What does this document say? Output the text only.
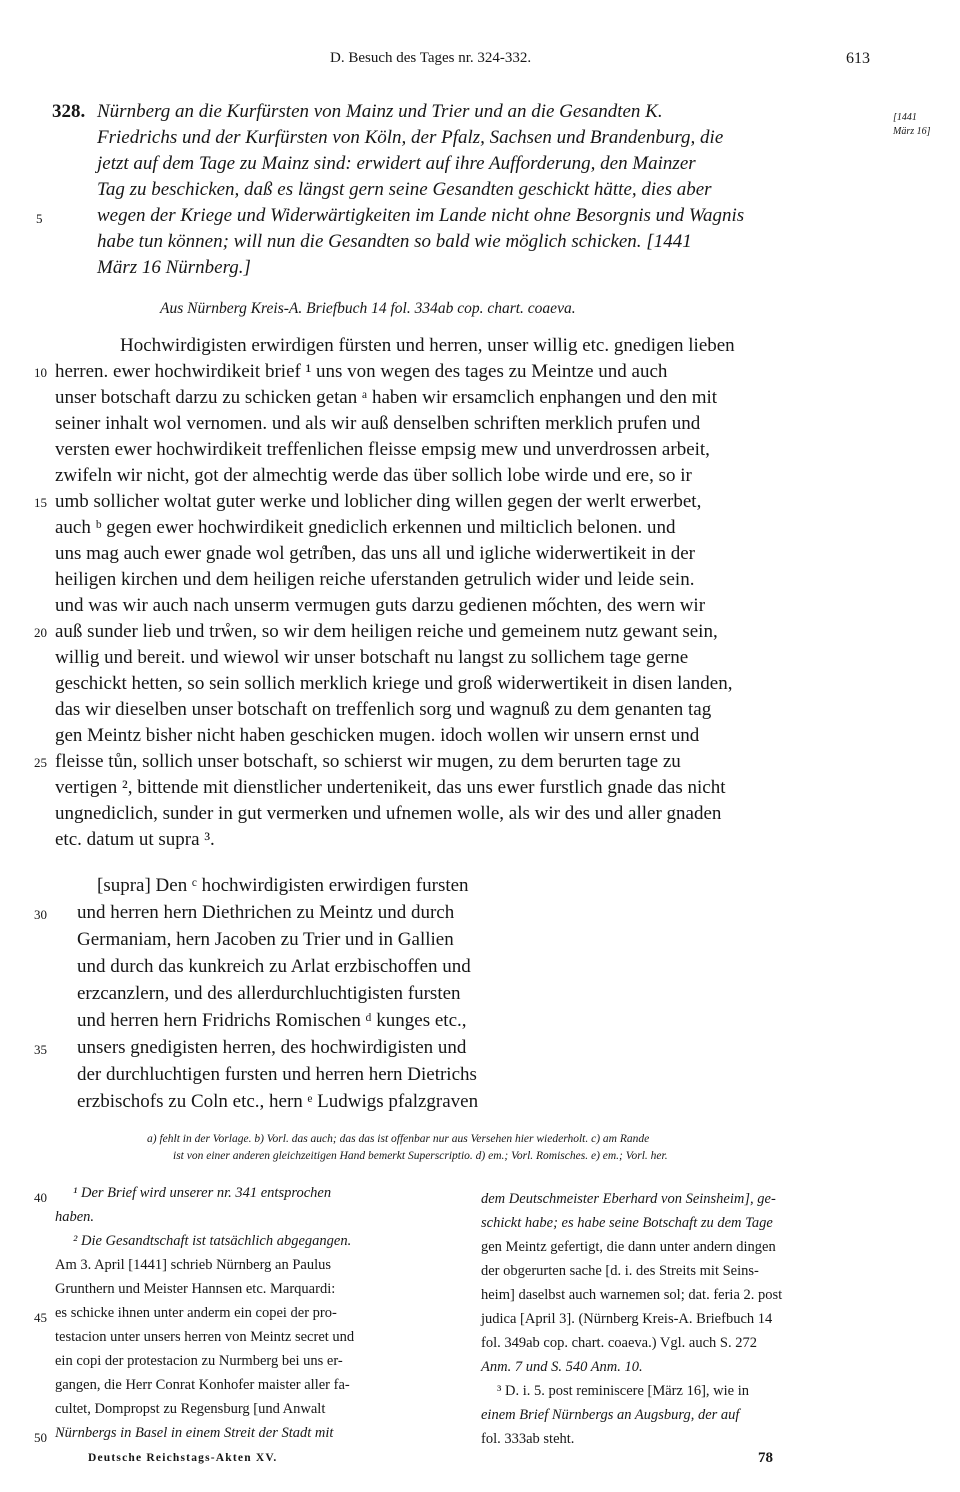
D. Besuch des Tages nr. 324-332.	613
328. Nürnberg an die Kurfürsten von Mainz und Trier und an die Gesandten K.
Friedrichs und der Kurfürsten von Köln, der Pfalz, Sachsen und Brandenburg, die
jetzt auf dem Tage zu Mainz sind: erwidert auf ihre Aufforderung, den Mainzer
Tag zu beschicken, daß es längst gern seine Gesandten geschickt hätte, dies aber
wegen der Kriege und Widerwärtigkeiten im Lande nicht ohne Besorgnis und Wagnis
habe tun können; will nun die Gesandten so bald wie möglich schicken. [1441
März 16 Nürnberg.]
[1441
März 16]
Aus Nürnberg Kreis-A. Briefbuch 14 fol. 334ab cop. chart. coaeva.
Hochwirdigisten erwirdigen fürsten und herren, unser willig etc. gnedigen lieben
herren. ewer hochwirdikeit brief ¹ uns von wegen des tages zu Meintze und auch
unser botschaft darzu zu schicken getan ᵃ haben wir ersamclich enphangen und den mit
seiner inhalt wol vernomen. und als wir auß denselben schriften merklich prufen und
versten ewer hochwirdikeit treffenlichen fleisse empsig mew und unverdrossen arbeit,
zwifeln wir nicht, got der almechtig werde das über sollich lobe wirde und ere, so ir
umb sollicher woltat guter werke und loblicher ding willen gegen der werlt erwerbet,
auch ᵇ gegen ewer hochwirdikeit gnediclich erkennen und milticlich belonen. und
uns mag auch ewer gnade wol getrı̊ben, das uns all und igliche widerwertikeit in der
heiligen kirchen und dem heiligen reiche uferstanden getrulich wider und leide sein.
und was wir auch nach unserm vermugen guts darzu gedienen mőchten, des wern wir
auß sunder lieb und trẘen, so wir dem heiligen reiche und gemeinem nutz gewant sein,
willig und bereit. und wiewol wir unser botschaft nu langst zu sollichem tage gerne
geschickt hetten, so sein sollich merklich kriege und groß widerwertikeit in disen landen,
das wir dieselben unser botschaft on treffenlich sorg und wagnuß zu dem genanten tag
gen Meintz bisher nicht haben geschicken mugen. idoch wollen wir unsern ernst und
fleisse tůn, sollich unser botschaft, so schierst wir mugen, zu dem berurten tage zu
vertigen ², bittende mit dienstlicher undertenikeit, das uns ewer furstlich gnade das nicht
ungnediclich, sunder in gut vermerken und ufnemen wolle, als wir des und aller gnaden
etc. datum ut supra ³.
[supra] Den ᶜ hochwirdigisten erwirdigen fursten
und herren hern Diethrichen zu Meintz und durch
Germaniam, hern Jacoben zu Trier und in Gallien
und durch das kunkreich zu Arlat erzbischoffen und
erzcanzlern, und des allerdurchluchtigisten fursten
und herren hern Fridrichs Romischen ᵈ kunges etc.,
unsers gnedigisten herren, des hochwirdigisten und
der durchluchtigen fursten und herren hern Dietrichs
erzbischofs zu Coln etc., hern ᵉ Ludwigs pfalzgraven
a) fehlt in der Vorlage. b) Vorl. das auch; das das ist offenbar nur aus Versehen hier wiederholt. c) am Rande
ist von einer anderen gleichzeitigen Hand bemerkt Superscriptio. d) em.; Vorl. Romisches. e) em.; Vorl. her.
¹ Der Brief wird unserer nr. 341 entsprochen
haben.
² Die Gesandtschaft ist tatsächlich abgegangen.
Am 3. April [1441] schrieb Nürnberg an Paulus
Grunthern und Meister Hannsen etc. Marquardi:
es schicke ihnen unter anderm ein copei der pro-
testacion unter unsers herren von Meintz secret und
ein copi der protestacion zu Nurmberg bei uns er-
gangen, die Herr Conrat Konhofer maister aller fa-
cultet, Dompropst zu Regensburg [und Anwalt
Nürnbergs in Basel in einem Streit der Stadt mit
dem Deutschmeister Eberhard von Seinsheim], ge-
schickt habe; es habe seine Botschaft zu dem Tage
gen Meintz gefertigt, die dann unter andern dingen
der obgerurten sache [d. i. des Streits mit Seins-
heim] daselbst auch warnemen sol; dat. feria 2. post
judica [April 3]. (Nürnberg Kreis-A. Briefbuch 14
fol. 349ab cop. chart. coaeva.) Vgl. auch S. 272
Anm. 7 und S. 540 Anm. 10.
³ D. i. 5. post reminiscere [März 16], wie in
einem Brief Nürnbergs an Augsburg, der auf
fol. 333ab steht.
Deutsche Reichstags-Akten XV.	78
5
10
15
20
25
30
35
40
45
50
